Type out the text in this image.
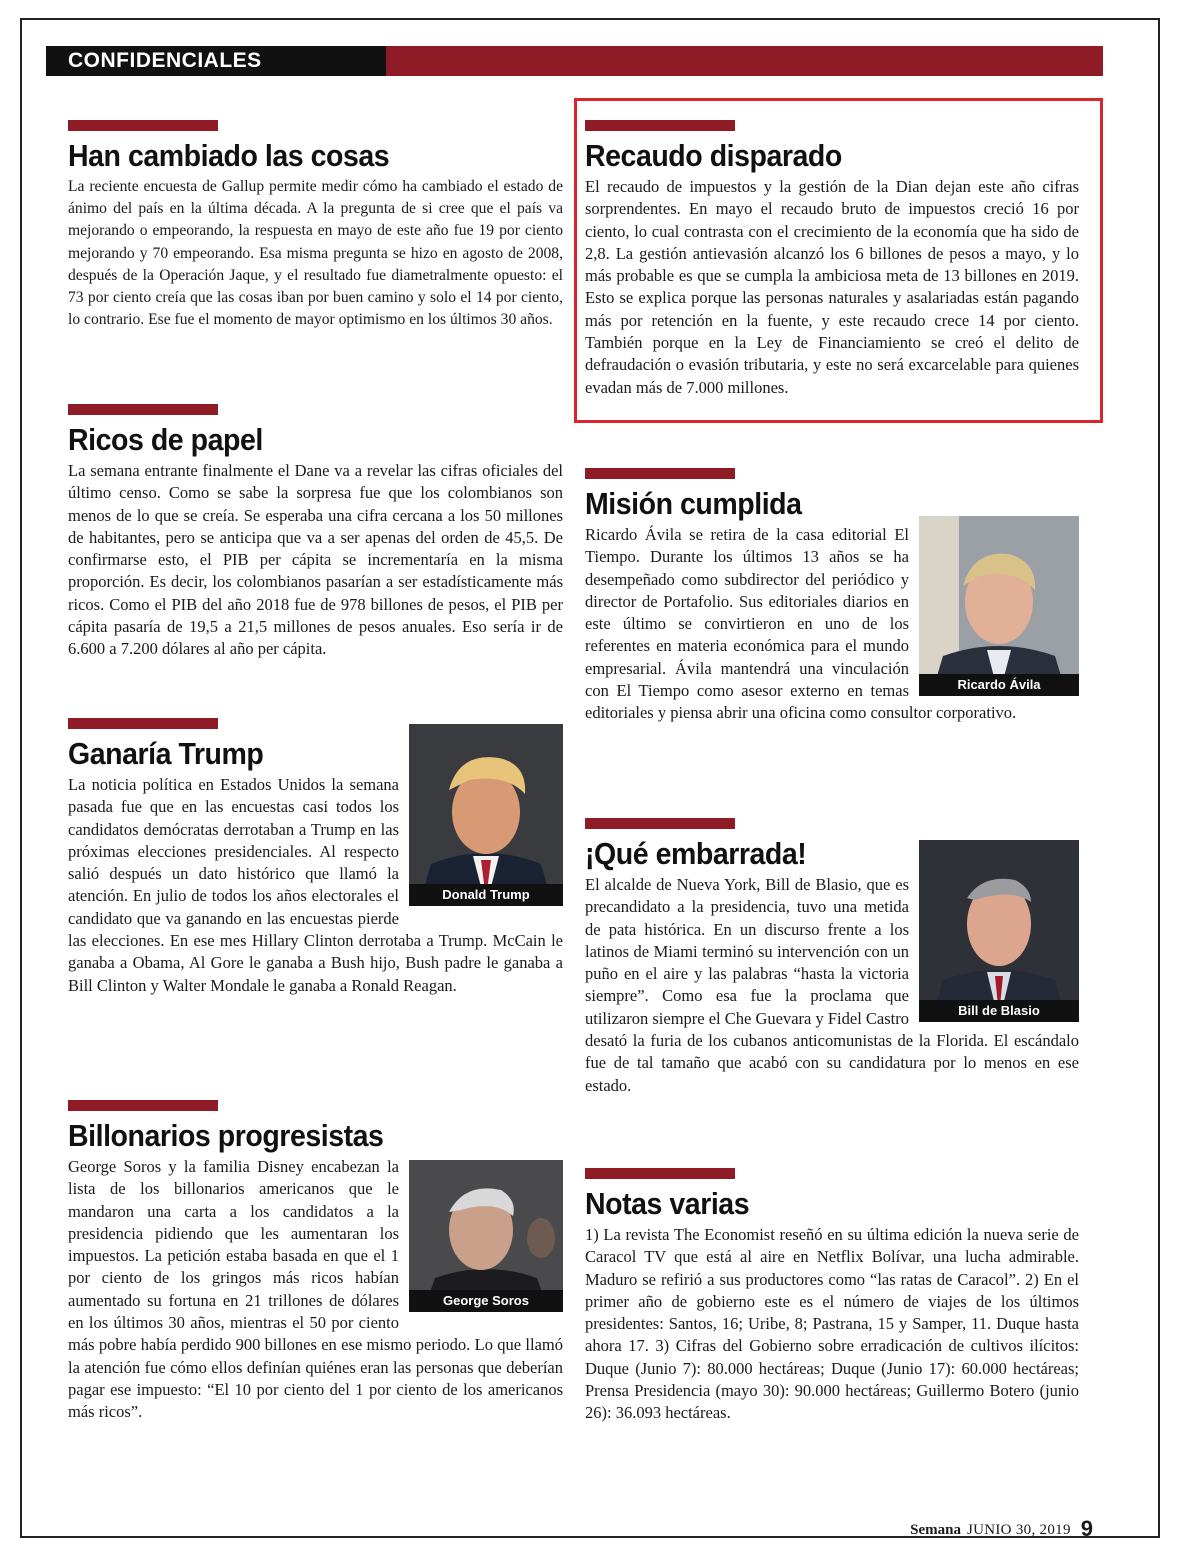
CONFIDENCIALES
Han cambiado las cosas

La reciente encuesta de Gallup permite medir cómo ha cambiado el estado de ánimo del país en la última década. A la pregunta de si cree que el país va mejorando o empeorando, la respuesta en mayo de este año fue 19 por ciento mejorando y 70 empeorando. Esa misma pregunta se hizo en agosto de 2008, después de la Operación Jaque, y el resultado fue diametralmente opuesto: el 73 por ciento creía que las cosas iban por buen camino y solo el 14 por ciento, lo contrario. Ese fue el momento de mayor optimismo en los últimos 30 años.

Ricos de papel

La semana entrante finalmente el Dane va a revelar las cifras oficiales del último censo. Como se sabe la sorpresa fue que los colombianos son menos de lo que se creía. Se esperaba una cifra cercana a los 50 millones de habitantes, pero se anticipa que va a ser apenas del orden de 45,5. De confirmarse esto, el PIB per cápita se incrementaría en la misma proporción. Es decir, los colombianos pasarían a ser estadísticamente más ricos. Como el PIB del año 2018 fue de 978 billones de pesos, el PIB per cápita pasaría de 19,5 a 21,5 millones de pesos anuales. Eso sería ir de 6.600 a 7.200 dólares al año per cápita.

Donald Trump
Ganaría Trump

La noticia política en Estados Unidos la semana pasada fue que en las encuestas casi todos los candidatos demócratas derrotaban a Trump en las próximas elecciones presidenciales. Al respecto salió después un dato histórico que llamó la atención. En julio de todos los años electorales el candidato que va ganando en las encuestas pierde las elecciones. En ese mes Hillary Clinton derrotaba a Trump. McCain le ganaba a Obama, Al Gore le ganaba a Bush hijo, Bush padre le ganaba a Bill Clinton y Walter Mondale le ganaba a Ronald Reagan.

Billonarios progresistas
George Soros

George Soros y la familia Disney encabezan la lista de los billonarios americanos que le mandaron una carta a los candidatos a la presidencia pidiendo que les aumentaran los impuestos. La petición estaba basada en que el 1 por ciento de los gringos más ricos habían aumentado su fortuna en 21 trillones de dólares en los últimos 30 años, mientras el 50 por ciento más pobre había perdido 900 billones en ese mismo periodo. Lo que llamó la atención fue cómo ellos definían quiénes eran las personas que deberían pagar ese impuesto: “El 10 por ciento del 1 por ciento de los americanos más ricos”.

Recaudo disparado

El recaudo de impuestos y la gestión de la Dian dejan este año cifras sorprendentes. En mayo el recaudo bruto de impuestos creció 16 por ciento, lo cual contrasta con el crecimiento de la economía que ha sido de 2,8. La gestión antievasión alcanzó los 6 billones de pesos a mayo, y lo más probable es que se cumpla la ambiciosa meta de 13 billones en 2019. Esto se explica porque las personas naturales y asalariadas están pagando más por retención en la fuente, y este recaudo crece 14 por ciento. También porque en la Ley de Financiamiento se creó el delito de defraudación o evasión tributaria, y este no será excarcelable para quienes evadan más de 7.000 millones.

Misión cumplida
Ricardo Ávila

Ricardo Ávila se retira de la casa editorial El Tiempo. Durante los últimos 13 años se ha desempeñado como subdirector del periódico y director de Portafolio. Sus editoriales diarios en este último se convirtieron en uno de los referentes en materia económica para el mundo empresarial. Ávila mantendrá una vinculación con El Tiempo como asesor externo en temas editoriales y piensa abrir una oficina como consultor corporativo.

Bill de Blasio
¡Qué embarrada!

El alcalde de Nueva York, Bill de Blasio, que es precandidato a la presidencia, tuvo una metida de pata histórica. En un discurso frente a los latinos de Miami terminó su intervención con un puño en el aire y las palabras “hasta la victoria siempre”. Como esa fue la proclama que utilizaron siempre el Che Guevara y Fidel Castro desató la furia de los cubanos anticomunistas de la Florida. El escándalo fue de tal tamaño que acabó con su candidatura por lo menos en ese estado.

Notas varias

1) La revista The Economist reseñó en su última edición la nueva serie de Caracol TV que está al aire en Netflix Bolívar, una lucha admirable. Maduro se refirió a sus productores como “las ratas de Caracol”. 2) En el primer año de gobierno este es el número de viajes de los últimos presidentes: Santos, 16; Uribe, 8; Pastrana, 15 y Samper, 11. Duque hasta ahora 17. 3) Cifras del Gobierno sobre erradicación de cultivos ilícitos: Duque (Junio 7): 80.000 hectáreas; Duque (Junio 17): 60.000 hectáreas; Prensa Presidencia (mayo 30): 90.000 hectáreas; Guillermo Botero (junio 26): 36.093 hectáreas.

Semana JUNIO 30, 2019 9
